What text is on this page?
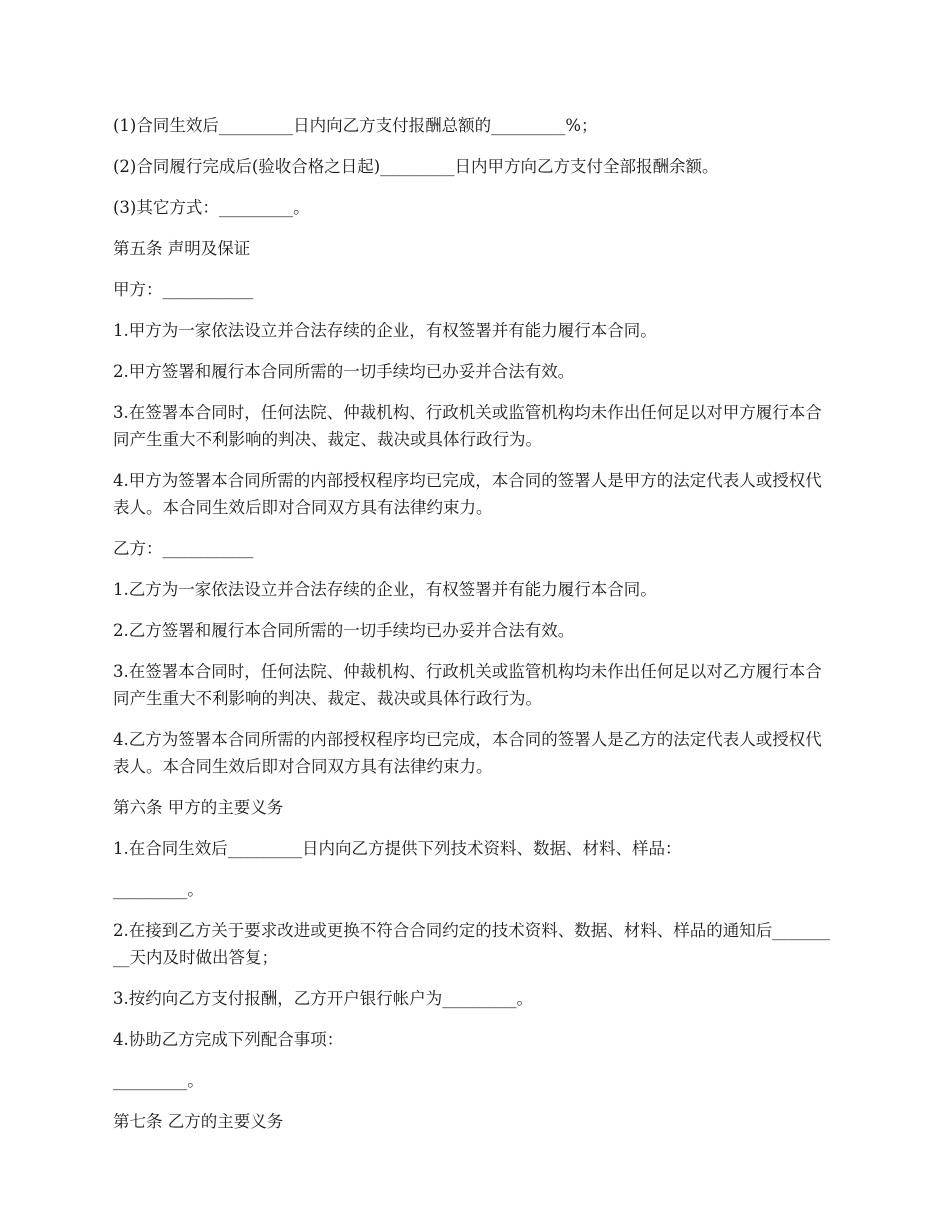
(1)合同生效后_________日内向乙方支付报酬总额的_________%；

(2)合同履行完成后(验收合格之日起)_________日内甲方向乙方支付全部报酬余额。

(3)其它方式：_________。

第五条 声明及保证

甲方：___________

1.甲方为一家依法设立并合法存续的企业，有权签署并有能力履行本合同。

2.甲方签署和履行本合同所需的一切手续均已办妥并合法有效。

3.在签署本合同时，任何法院、仲裁机构、行政机关或监管机构均未作出任何足以对甲方履行本合同产生重大不利影响的判决、裁定、裁决或具体行政行为。

4.甲方为签署本合同所需的内部授权程序均已完成，本合同的签署人是甲方的法定代表人或授权代表人。本合同生效后即对合同双方具有法律约束力。

乙方：___________

1.乙方为一家依法设立并合法存续的企业，有权签署并有能力履行本合同。

2.乙方签署和履行本合同所需的一切手续均已办妥并合法有效。

3.在签署本合同时，任何法院、仲裁机构、行政机关或监管机构均未作出任何足以对乙方履行本合同产生重大不利影响的判决、裁定、裁决或具体行政行为。

4.乙方为签署本合同所需的内部授权程序均已完成，本合同的签署人是乙方的法定代表人或授权代表人。本合同生效后即对合同双方具有法律约束力。

第六条 甲方的主要义务

1.在合同生效后_________日内向乙方提供下列技术资料、数据、材料、样品：

_________。

2.在接到乙方关于要求改进或更换不符合合同约定的技术资料、数据、材料、样品的通知后_________天内及时做出答复；

3.按约向乙方支付报酬，乙方开户银行帐户为_________。

4.协助乙方完成下列配合事项：

_________。

第七条 乙方的主要义务
